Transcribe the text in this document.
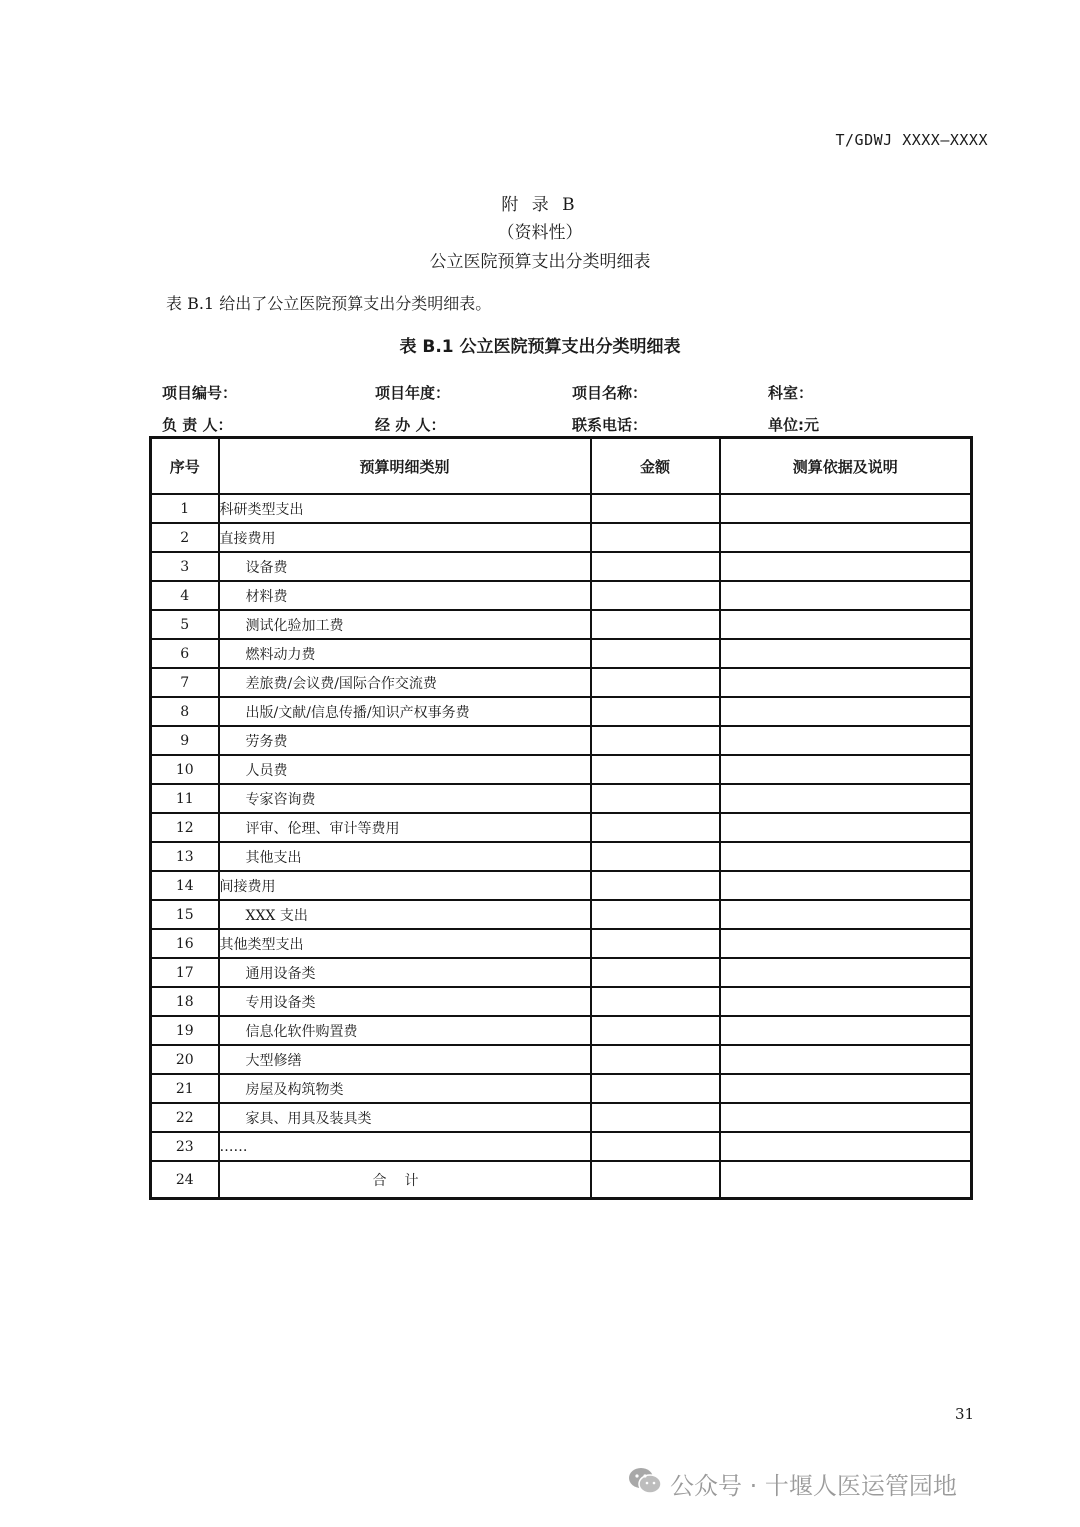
T/GDWJ XXXX—XXXX
附 录 B
（资料性）
公立医院预算支出分类明细表
表 B.1 给出了公立医院预算支出分类明细表。
表 B.1 公立医院预算支出分类明细表
项目编号：	项目年度：	项目名称：	科室：
负 责 人：	经 办 人：	联系电话：	单位:元
序号	预算明细类别	金额	测算依据及说明
1	科研类型支出		
2	直接费用		
3	设备费		
4	材料费		
5	测试化验加工费		
6	燃料动力费		
7	差旅费/会议费/国际合作交流费		
8	出版/文献/信息传播/知识产权事务费		
9	劳务费		
10	人员费		
11	专家咨询费		
12	评审、伦理、审计等费用		
13	其他支出		
14	间接费用		
15	XXX 支出		
16	其他类型支出		
17	通用设备类		
18	专用设备类		
19	信息化软件购置费		
20	大型修缮		
21	房屋及构筑物类		
22	家具、用具及装具类		
23	……		
24	合计		
31
公众号 · 十堰人医运管园地
